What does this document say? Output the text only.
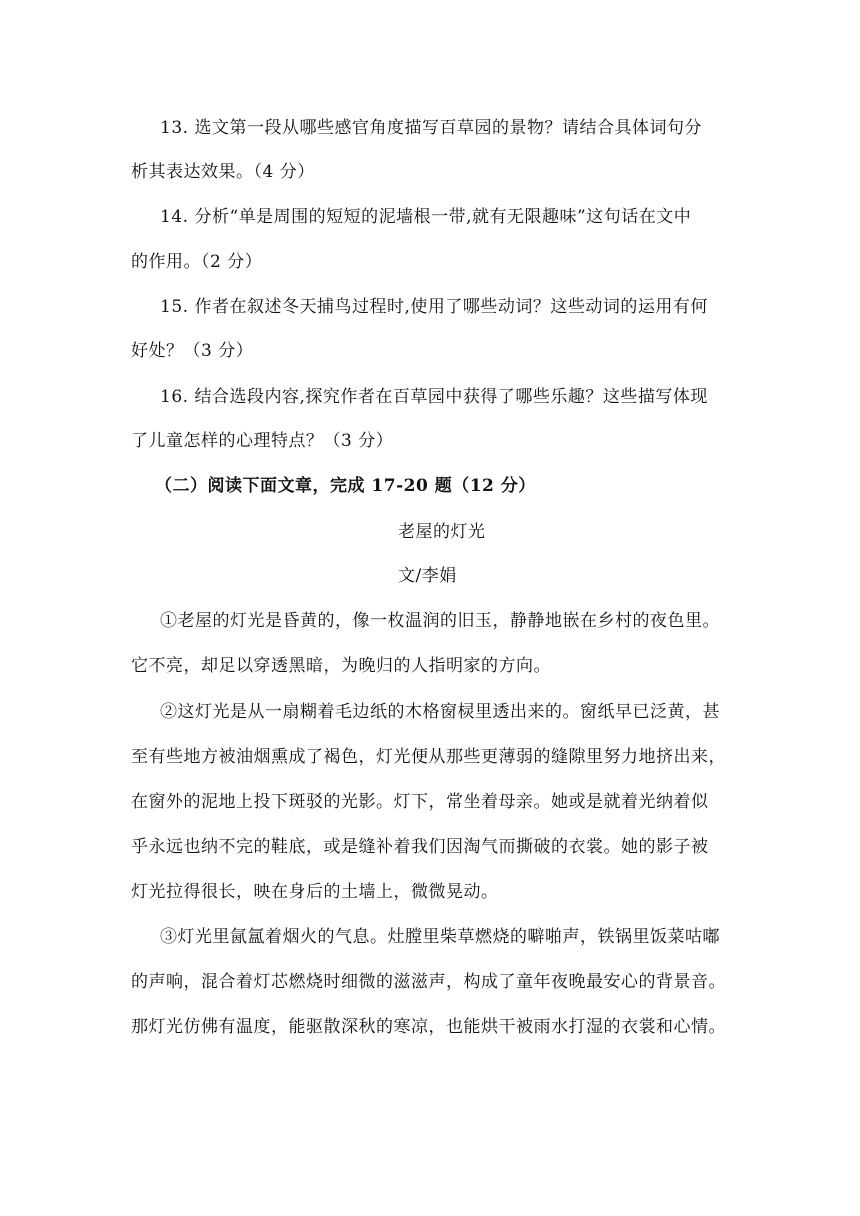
13. 选文第一段从哪些感官角度描写百草园的景物？请结合具体词句分
析其表达效果。（4 分）
14. 分析“单是周围的短短的泥墙根一带,就有无限趣味”这句话在文中
的作用。（2 分）
15. 作者在叙述冬天捕鸟过程时,使用了哪些动词？这些动词的运用有何
好处？（3 分）
16. 结合选段内容,探究作者在百草园中获得了哪些乐趣？这些描写体现
了儿童怎样的心理特点？（3 分）
（二）阅读下面文章，完成 17-20 题（12 分）
老屋的灯光
文/李娟
①老屋的灯光是昏黄的，像一枚温润的旧玉，静静地嵌在乡村的夜色里。
它不亮，却足以穿透黑暗，为晚归的人指明家的方向。
②这灯光是从一扇糊着毛边纸的木格窗棂里透出来的。窗纸早已泛黄，甚
至有些地方被油烟熏成了褐色，灯光便从那些更薄弱的缝隙里努力地挤出来，
在窗外的泥地上投下斑驳的光影。灯下，常坐着母亲。她或是就着光纳着似
乎永远也纳不完的鞋底，或是缝补着我们因淘气而撕破的衣裳。她的影子被
灯光拉得很长，映在身后的土墙上，微微晃动。
③灯光里氤氲着烟火的气息。灶膛里柴草燃烧的噼啪声，铁锅里饭菜咕嘟
的声响，混合着灯芯燃烧时细微的滋滋声，构成了童年夜晚最安心的背景音。
那灯光仿佛有温度，能驱散深秋的寒凉，也能烘干被雨水打湿的衣裳和心情。
